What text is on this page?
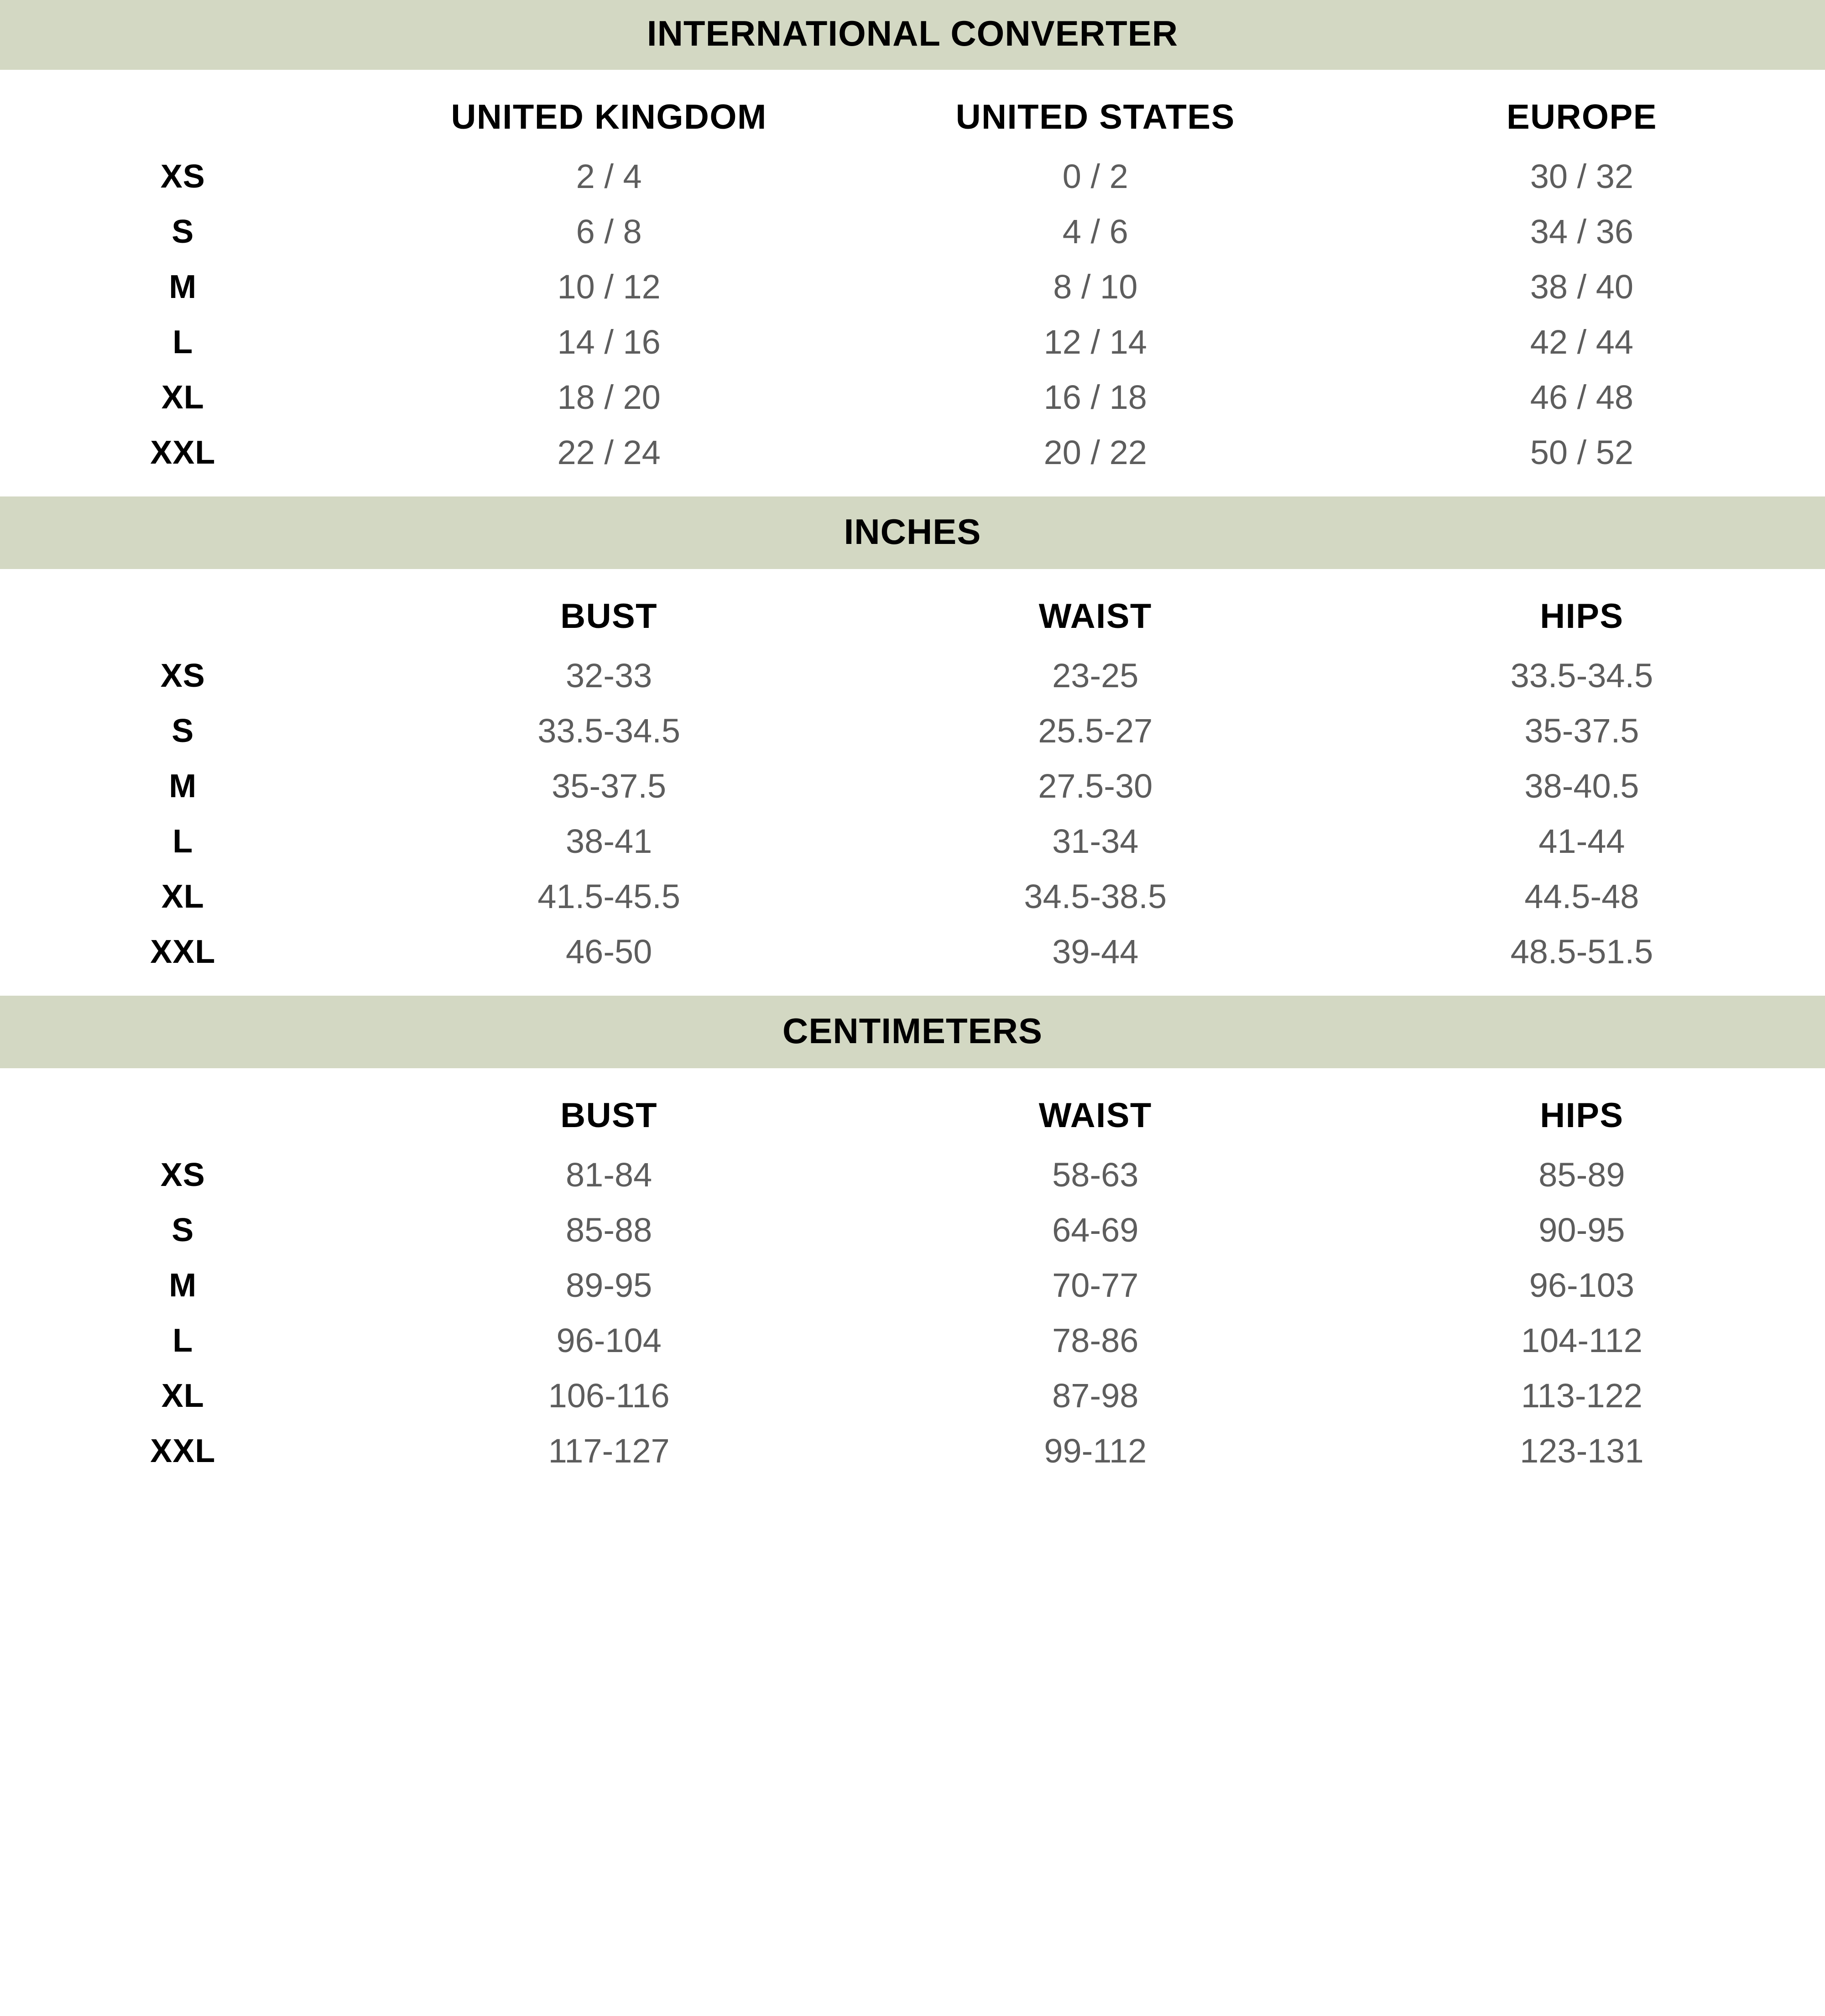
INTERNATIONAL CONVERTER
	UNITED KINGDOM	UNITED STATES	EUROPE
XS	2 / 4	0 / 2	30 / 32
S	6 / 8	4 / 6	34 / 36
M	10 / 12	8 / 10	38 / 40
L	14 / 16	12 / 14	42 / 44
XL	18 / 20	16 / 18	46 / 48
XXL	22 / 24	20 / 22	50 / 52
INCHES
	BUST	WAIST	HIPS
XS	32-33	23-25	33.5-34.5
S	33.5-34.5	25.5-27	35-37.5
M	35-37.5	27.5-30	38-40.5
L	38-41	31-34	41-44
XL	41.5-45.5	34.5-38.5	44.5-48
XXL	46-50	39-44	48.5-51.5
CENTIMETERS
	BUST	WAIST	HIPS
XS	81-84	58-63	85-89
S	85-88	64-69	90-95
M	89-95	70-77	96-103
L	96-104	78-86	104-112
XL	106-116	87-98	113-122
XXL	117-127	99-112	123-131
